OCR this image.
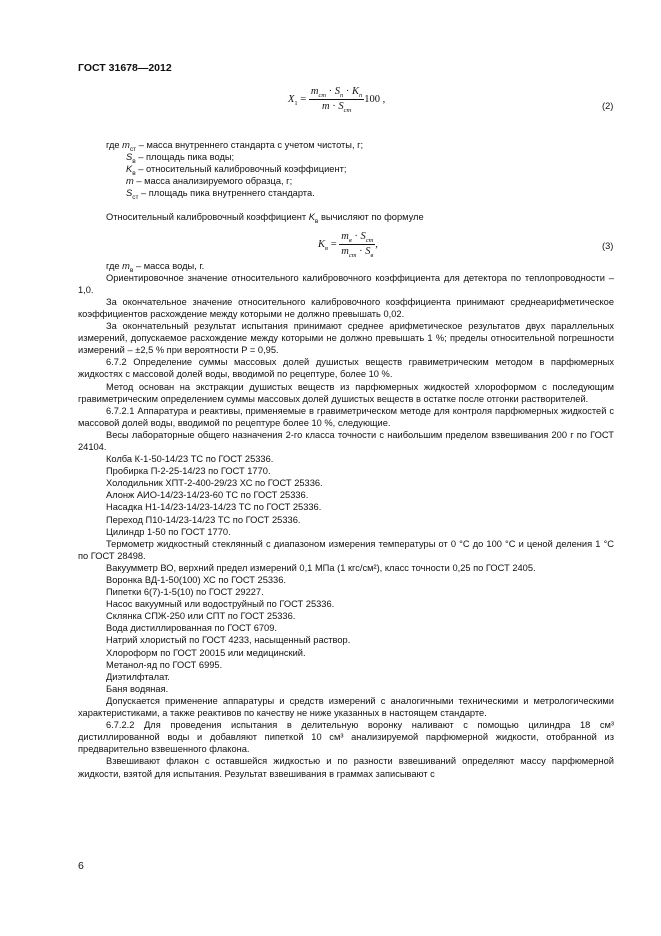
ГОСТ 31678—2012
$X_1 = \frac{m_{cm} \cdot S_n \cdot K_n}{m \cdot S_{cm}} 100$ ,
(2)

где $m_{ст}$ – масса внутреннего стандарта с учетом чистоты, г;

$S_в$ – площадь пика воды;

$K_в$ – относительный калибровочный коэффициент;

m – масса анализируемого образца, г;

$S_{ст}$ – площадь пика внутреннего стандарта.

Относительный калибровочный коэффициент $K_в$ вычисляют по формуле

где $m_в$ – масса воды, г.

Ориентировочное значение относительного калибровочного коэффициента для детектора по теплопроводности – 1,0.

За окончательное значение относительного калибровочного коэффициента принимают среднеарифметическое коэффициентов расхождение между которыми не должно превышать 0,02.

За окончательный результат испытания принимают среднее арифметическое результатов двух параллельных измерений, допускаемое расхождение между которыми не должно превышать 1 %; пределы относительной погрешности измерений – ±2,5 % при вероятности P = 0,95.

6.7.2 Определение суммы массовых долей душистых веществ гравиметрическим методом в парфюмерных жидкостях с массовой долей воды, вводимой по рецептуре, более 10 %.

Метод основан на экстракции душистых веществ из парфюмерных жидкостей хлороформом с последующим гравиметрическим определением суммы массовых долей душистых веществ в остатке после отгонки растворителей.

6.7.2.1 Аппаратура и реактивы, применяемые в гравиметрическом методе для контроля парфюмерных жидкостей с массовой долей воды, вводимой по рецептуре более 10 %, следующие.

Весы лабораторные общего назначения 2-го класса точности с наибольшим пределом взвешивания 200 г по ГОСТ 24104.

Колба К-1-50-14/23 ТС по ГОСТ 25336.

Пробирка П-2-25-14/23 по ГОСТ 1770.

Холодильник ХПТ-2-400-29/23 ХС по ГОСТ 25336.

Алонж АИО-14/23-14/23-60 ТС по ГОСТ 25336.

Насадка Н1-14/23-14/23-14/23 ТС по ГОСТ 25336.

Переход П10-14/23-14/23 ТС по ГОСТ 25336.

Цилиндр 1-50 по ГОСТ 1770.

Термометр жидкостный стеклянный с диапазоном измерения температуры от 0 °С до 100 °С и ценой деления 1 °С по ГОСТ 28498.

Вакуумметр ВО, верхний предел измерений 0,1 МПа (1 кгс/см²), класс точности 0,25 по ГОСТ 2405.

Воронка ВД-1-50(100) ХС по ГОСТ 25336.

Пипетки 6(7)-1-5(10) по ГОСТ 29227.

Насос вакуумный или водоструйный по ГОСТ 25336.

Склянка СПЖ-250 или СПТ по ГОСТ 25336.

Вода дистиллированная по ГОСТ 6709.

Натрий хлористый по ГОСТ 4233, насыщенный раствор.

Хлороформ по ГОСТ 20015 или медицинский.

Метанол-яд по ГОСТ 6995.

Диэтилфталат.

Баня водяная.

Допускается применение аппаратуры и средств измерений с аналогичными техническими и метрологическими характеристиками, а также реактивов по качеству не ниже указанных в настоящем стандарте.

6.7.2.2 Для проведения испытания в делительную воронку наливают с помощью цилиндра 18 см³ дистиллированной воды и добавляют пипеткой 10 см³ анализируемой парфюмерной жидкости, отобранной из предварительно взвешенного флакона.

Взвешивают флакон с оставшейся жидкостью и по разности взвешиваний определяют массу парфюмерной жидкости, взятой для испытания. Результат взвешивания в граммах записывают с

$K_в = \frac{m_в \cdot S_{cm}}{m_{cm} \cdot S_в}$ ,	(3)
6
